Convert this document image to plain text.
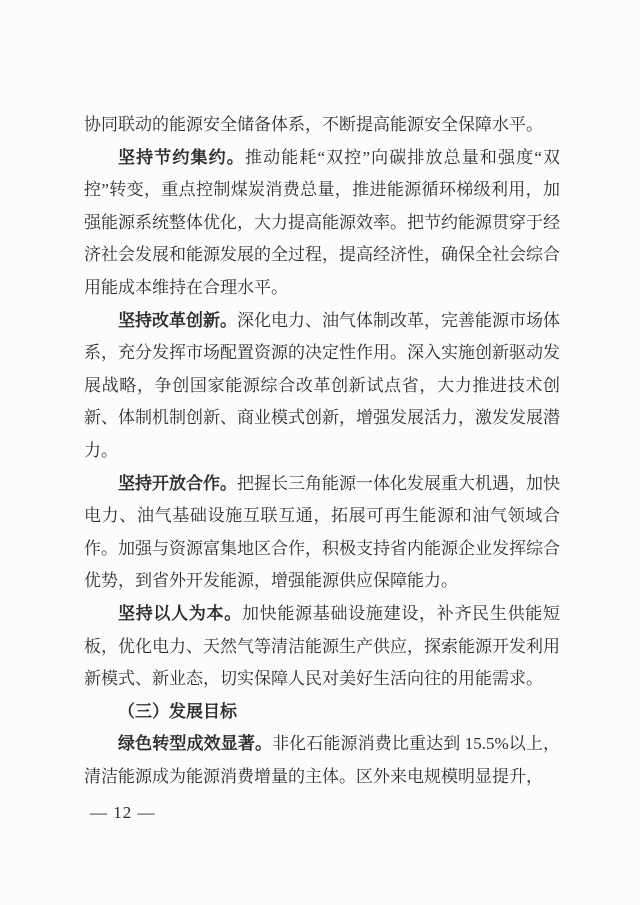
协同联动的能源安全储备体系，不断提高能源安全保障水平。

坚持节约集约。推动能耗“双控”向碳排放总量和强度“双控”转变，重点控制煤炭消费总量，推进能源循环梯级利用，加强能源系统整体优化，大力提高能源效率。把节约能源贯穿于经济社会发展和能源发展的全过程，提高经济性，确保全社会综合用能成本维持在合理水平。

坚持改革创新。深化电力、油气体制改革，完善能源市场体系，充分发挥市场配置资源的决定性作用。深入实施创新驱动发展战略，争创国家能源综合改革创新试点省，大力推进技术创新、体制机制创新、商业模式创新，增强发展活力，激发发展潜力。

坚持开放合作。把握长三角能源一体化发展重大机遇，加快电力、油气基础设施互联互通，拓展可再生能源和油气领域合作。加强与资源富集地区合作，积极支持省内能源企业发挥综合优势，到省外开发能源，增强能源供应保障能力。

坚持以人为本。加快能源基础设施建设，补齐民生供能短板，优化电力、天然气等清洁能源生产供应，探索能源开发利用新模式、新业态，切实保障人民对美好生活向往的用能需求。

（三）发展目标

绿色转型成效显著。非化石能源消费比重达到 15.5%以上，清洁能源成为能源消费增量的主体。区外来电规模明显提升，

— 12 —
